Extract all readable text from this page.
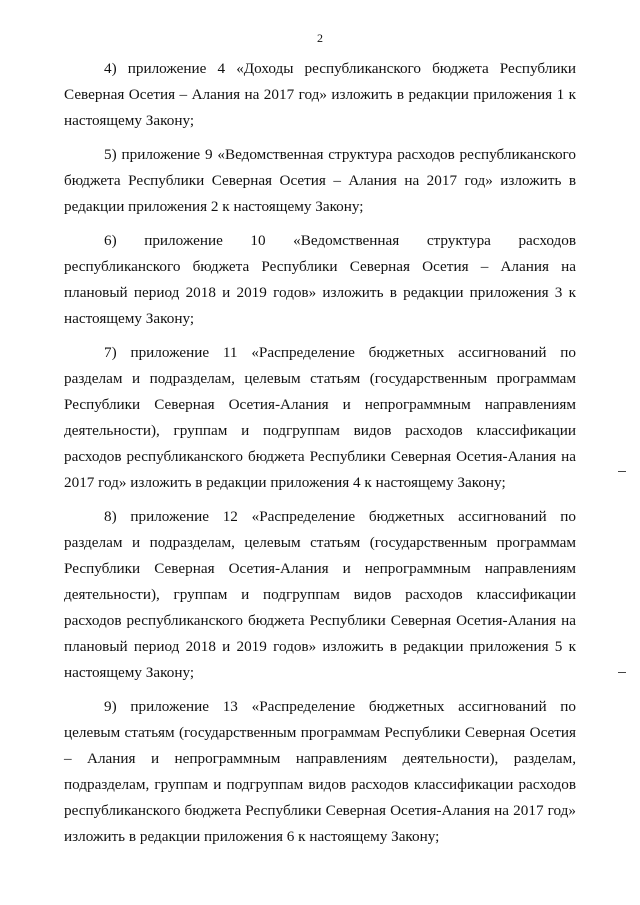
2

4) приложение 4 «Доходы республиканского бюджета Республики Северная Осетия – Алания на 2017 год» изложить в редакции приложения 1 к настоящему Закону;

5) приложение 9 «Ведомственная структура расходов республиканского бюджета Республики Северная Осетия – Алания на 2017 год» изложить в редакции приложения 2 к настоящему Закону;

6) приложение 10 «Ведомственная структура расходов республиканского бюджета Республики Северная Осетия – Алания на плановый период 2018 и 2019 годов» изложить в редакции приложения 3 к настоящему Закону;

7) приложение 11 «Распределение бюджетных ассигнований по разделам и подразделам, целевым статьям (государственным программам Республики Северная Осетия-Алания и непрограммным направлениям деятельности), группам и подгруппам видов расходов классификации расходов республиканского бюджета Республики Северная Осетия-Алания на 2017 год» изложить в редакции приложения 4 к настоящему Закону;

8) приложение 12 «Распределение бюджетных ассигнований по разделам и подразделам, целевым статьям (государственным программам Республики Северная Осетия-Алания и непрограммным направлениям деятельности), группам и подгруппам видов расходов классификации расходов республиканского бюджета Республики Северная Осетия-Алания на плановый период 2018 и 2019 годов» изложить в редакции приложения 5 к настоящему Закону;

9) приложение 13 «Распределение бюджетных ассигнований по целевым статьям (государственным программам Республики Северная Осетия – Алания и непрограммным направлениям деятельности), разделам, подразделам, группам и подгруппам видов расходов классификации расходов республиканского бюджета Республики Северная Осетия-Алания на 2017 год» изложить в редакции приложения 6 к настоящему Закону;
